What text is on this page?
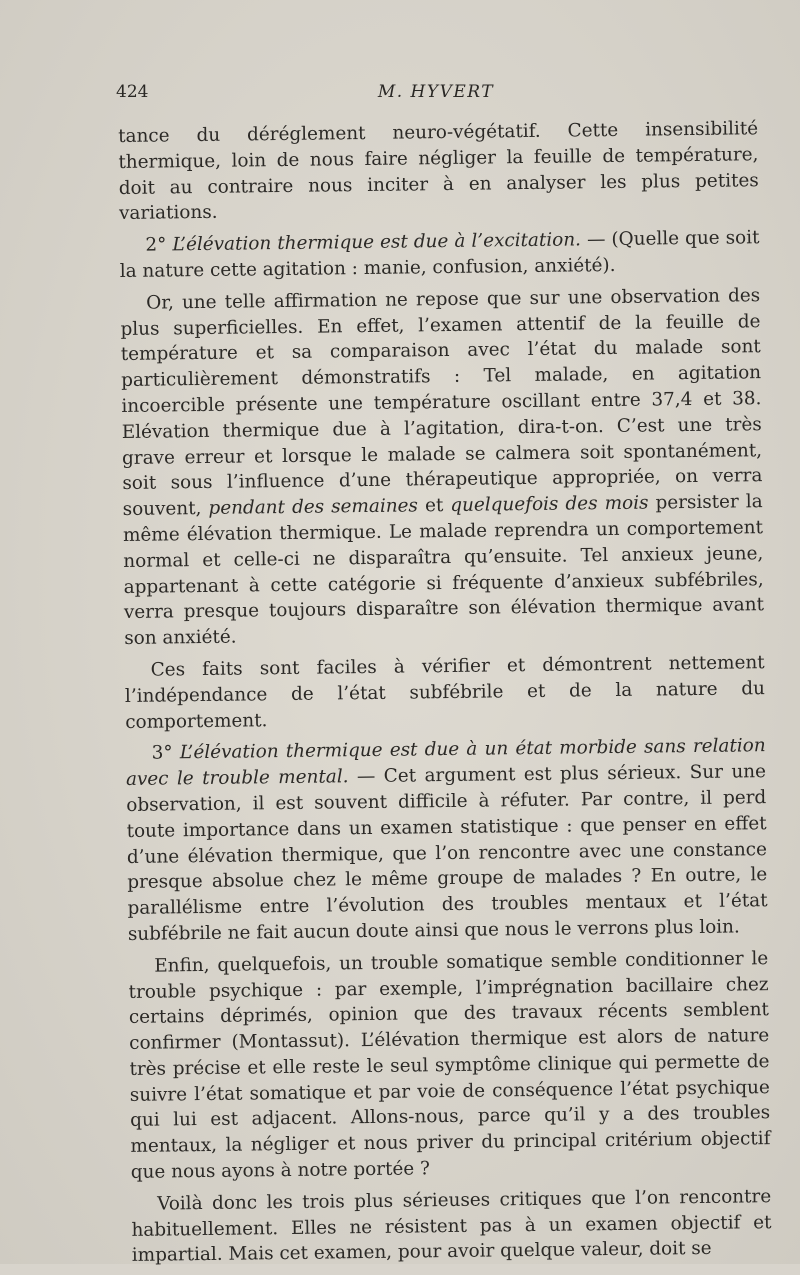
424	M. HYVERT

tance du déréglement neuro-végétatif. Cette insensibilité thermique, loin de nous faire négliger la feuille de température, doit au contraire nous inciter à en analyser les plus petites variations.

2° L’élévation thermique est due à l’excitation. — (Quelle que soit la nature cette agitation : manie, confusion, anxiété).

Or, une telle affirmation ne repose que sur une observation des plus superficielles. En effet, l’examen attentif de la feuille de température et sa comparaison avec l’état du malade sont particulièrement démonstratifs : Tel malade, en agitation incoercible présente une température oscillant entre 37,4 et 38. Elévation thermique due à l’agitation, dira-t-on. C’est une très grave erreur et lorsque le malade se calmera soit spontanément, soit sous l’influence d’une thérapeutique appropriée, on verra souvent, pendant des semaines et quelquefois des mois persister la même élévation thermique. Le malade reprendra un comportement normal et celle-ci ne disparaîtra qu’ensuite. Tel anxieux jeune, appartenant à cette catégorie si fréquente d’anxieux subfébriles, verra presque toujours disparaître son élévation thermique avant son anxiété.

Ces faits sont faciles à vérifier et démontrent nettement l’indépendance de l’état subfébrile et de la nature du comportement.

3° L’élévation thermique est due à un état morbide sans relation avec le trouble mental. — Cet argument est plus sérieux. Sur une observation, il est souvent difficile à réfuter. Par contre, il perd toute importance dans un examen statistique : que penser en effet d’une élévation thermique, que l’on rencontre avec une constance presque absolue chez le même groupe de malades ? En outre, le parallélisme entre l’évolution des troubles mentaux et l’état subfébrile ne fait aucun doute ainsi que nous le verrons plus loin.

Enfin, quelquefois, un trouble somatique semble conditionner le trouble psychique : par exemple, l’imprégnation bacillaire chez certains déprimés, opinion que des travaux récents semblent confirmer (Montassut). L’élévation thermique est alors de nature très précise et elle reste le seul symptôme clinique qui permette de suivre l’état somatique et par voie de conséquence l’état psychique qui lui est adjacent. Allons-nous, parce qu’il y a des troubles mentaux, la négliger et nous priver du principal critérium objectif que nous ayons à notre portée ?

Voilà donc les trois plus sérieuses critiques que l’on rencontre habituellement. Elles ne résistent pas à un examen objectif et impartial. Mais cet examen, pour avoir quelque valeur, doit se
